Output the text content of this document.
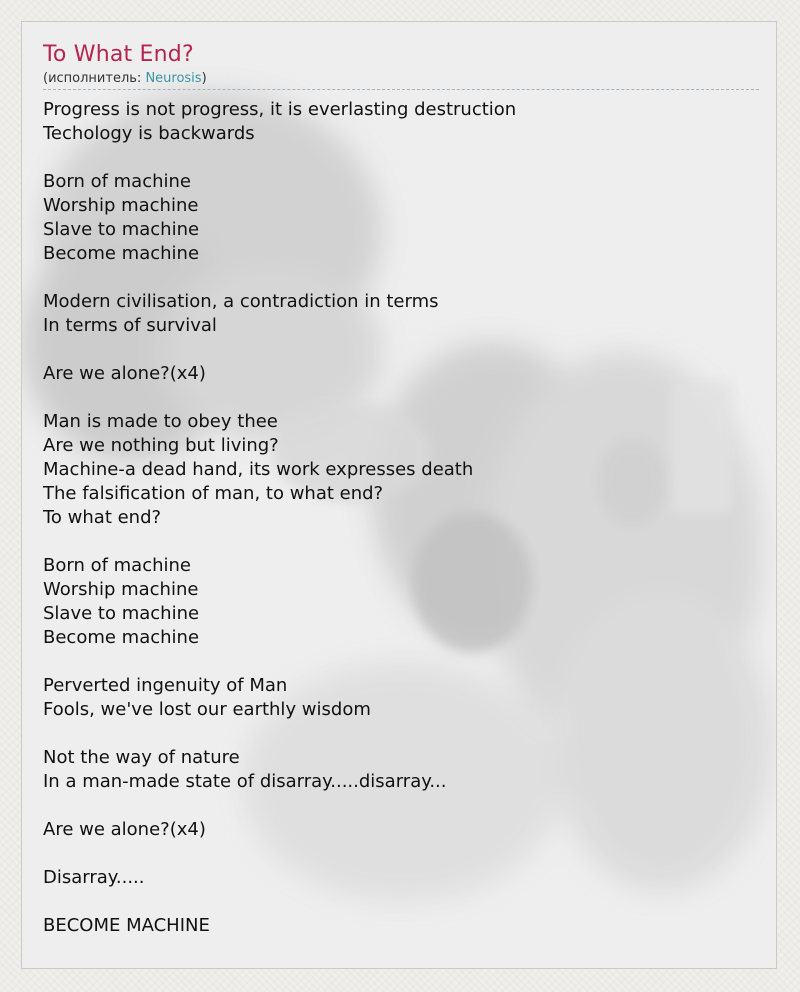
To What End?
(исполнитель: Neurosis)
Progress is not progress, it is everlasting destruction
Techology is backwards
Born of machine
Worship machine
Slave to machine
Become machine
Modern civilisation, a contradiction in terms
In terms of survival
Are we alone?(x4)
Man is made to obey thee
Are we nothing but living?
Machine-a dead hand, its work expresses death
The falsification of man, to what end?
To what end?
Born of machine
Worship machine
Slave to machine
Become machine
Perverted ingenuity of Man
Fools, we've lost our earthly wisdom
Not the way of nature
In a man-made state of disarray.....disarray...
Are we alone?(x4)
Disarray.....
BECOME MACHINE
